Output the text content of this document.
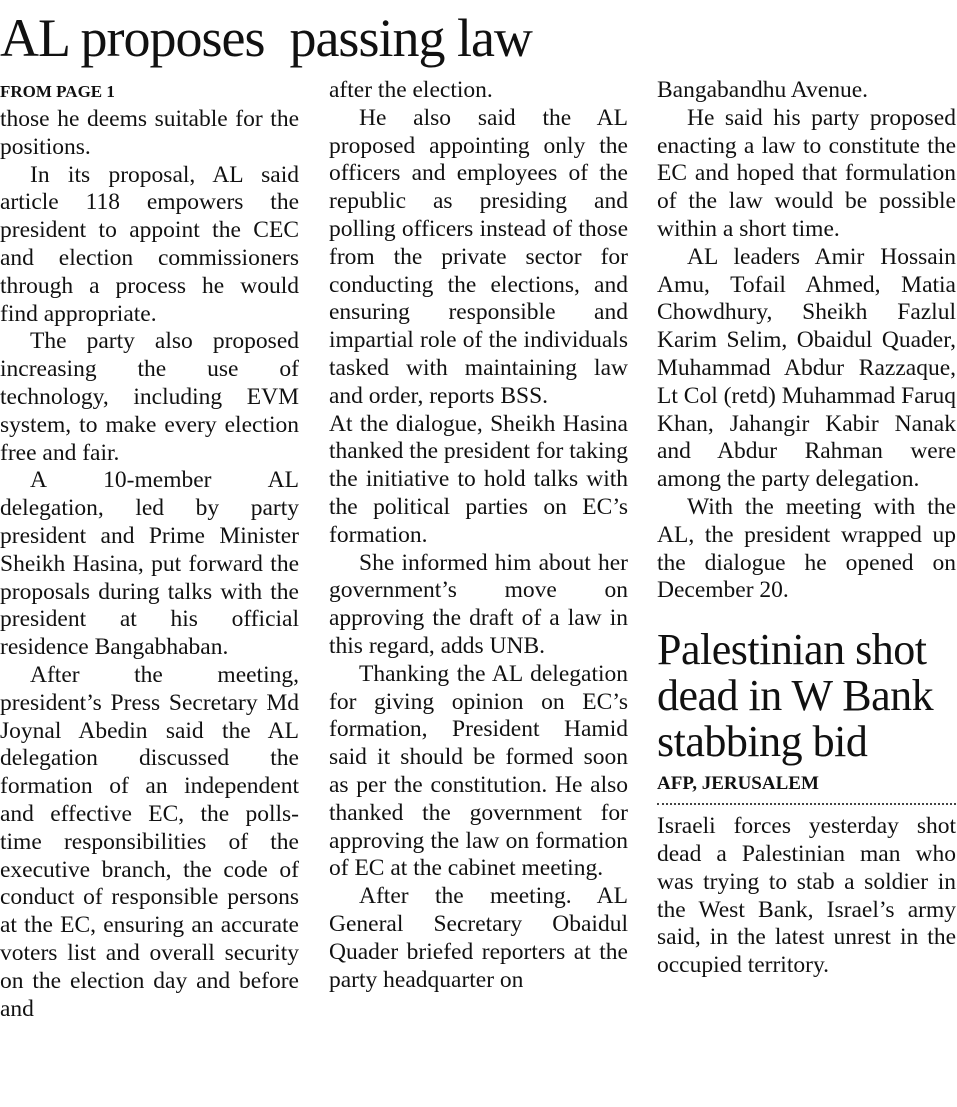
AL proposes  passing law
FROM PAGE 1

those he deems suitable for the positions.

In its proposal, AL said article 118 empowers the president to appoint the CEC and election commissioners through a process he would find appropriate.

The party also proposed increasing the use of technology, including EVM system, to make every election free and fair.

A 10-member AL delegation, led by party president and Prime Minister Sheikh Hasina, put forward the proposals during talks with the president at his official residence Bangabhaban.

After the meeting, president’s Press Secretary Md Joynal Abedin said the AL delegation discussed the formation of an independent and effective EC, the polls-time responsibilities of the executive branch, the code of conduct of responsible persons at the EC, ensuring an accurate voters list and overall security on the election day and before and

after the election.

He also said the AL proposed appointing only the officers and employees of the republic as presiding and polling officers instead of those from the private sector for conducting the elections, and ensuring responsible and impartial role of the individuals tasked with maintaining law and order, reports BSS.

At the dialogue, Sheikh Hasina thanked the president for taking the initiative to hold talks with the political parties on EC’s formation.

She informed him about her government’s move on approving the draft of a law in this regard, adds UNB.

Thanking the AL delegation for giving opinion on EC’s formation, President Hamid said it should be formed soon as per the constitution. He also thanked the government for approving the law on formation of EC at the cabinet meeting.

After the meeting. AL General Secretary Obaidul Quader briefed reporters at the party headquarter on

Bangabandhu Avenue.

He said his party proposed enacting a law to constitute the EC and hoped that formulation of the law would be possible within a short time.

AL leaders Amir Hossain Amu, Tofail Ahmed, Matia Chowdhury, Sheikh Fazlul Karim Selim, Obaidul Quader, Muhammad Abdur Razzaque, Lt Col (retd) Muhammad Faruq Khan, Jahangir Kabir Nanak and Abdur Rahman were among the party delegation.

With the meeting with the AL, the president wrapped up the dialogue he opened on December 20.

Palestinian shot dead in W Bank stabbing bid
AFP, JERUSALEM

Israeli forces yesterday shot dead a Palestinian man who was trying to stab a soldier in the West Bank, Israel’s army said, in the latest unrest in the occupied territory.
